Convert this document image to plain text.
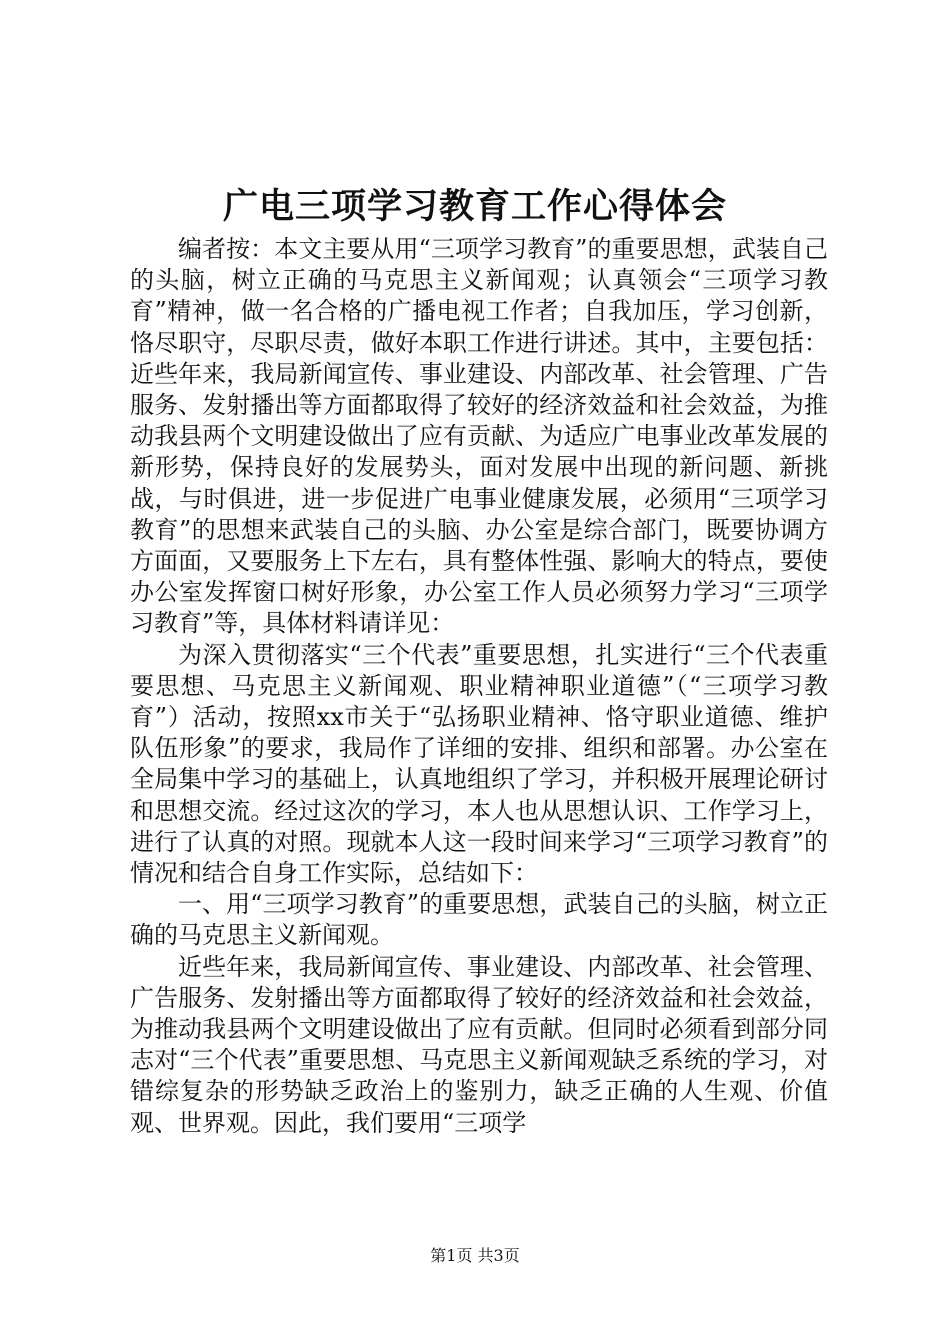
广电三项学习教育工作心得体会

编者按：本文主要从用“三项学习教育”的重要思想，武装自己的头脑，树立正确的马克思主义新闻观；认真领会“三项学习教育”精神，做一名合格的广播电视工作者；自我加压，学习创新，恪尽职守，尽职尽责，做好本职工作进行讲述。其中，主要包括：近些年来，我局新闻宣传、事业建设、内部改革、社会管理、广告服务、发射播出等方面都取得了较好的经济效益和社会效益，为推动我县两个文明建设做出了应有贡献、为适应广电事业改革发展的新形势，保持良好的发展势头，面对发展中出现的新问题、新挑战，与时俱进，进一步促进广电事业健康发展，必须用“三项学习教育”的思想来武装自己的头脑、办公室是综合部门，既要协调方方面面，又要服务上下左右，具有整体性强、影响大的特点，要使办公室发挥窗口树好形象，办公室工作人员必须努力学习“三项学习教育”等，具体材料请详见：

为深入贯彻落实“三个代表”重要思想，扎实进行“三个代表重要思想、马克思主义新闻观、职业精神职业道德”（“三项学习教育”）活动，按照xx市关于“弘扬职业精神、恪守职业道德、维护队伍形象”的要求，我局作了详细的安排、组织和部署。办公室在全局集中学习的基础上，认真地组织了学习，并积极开展理论研讨和思想交流。经过这次的学习，本人也从思想认识、工作学习上，进行了认真的对照。现就本人这一段时间来学习“三项学习教育”的情况和结合自身工作实际，总结如下：

一、用“三项学习教育”的重要思想，武装自己的头脑，树立正确的马克思主义新闻观。

近些年来，我局新闻宣传、事业建设、内部改革、社会管理、广告服务、发射播出等方面都取得了较好的经济效益和社会效益，为推动我县两个文明建设做出了应有贡献。但同时必须看到部分同志对“三个代表”重要思想、马克思主义新闻观缺乏系统的学习，对错综复杂的形势缺乏政治上的鉴别力，缺乏正确的人生观、价值观、世界观。因此，我们要用“三项学

第1页 共3页
